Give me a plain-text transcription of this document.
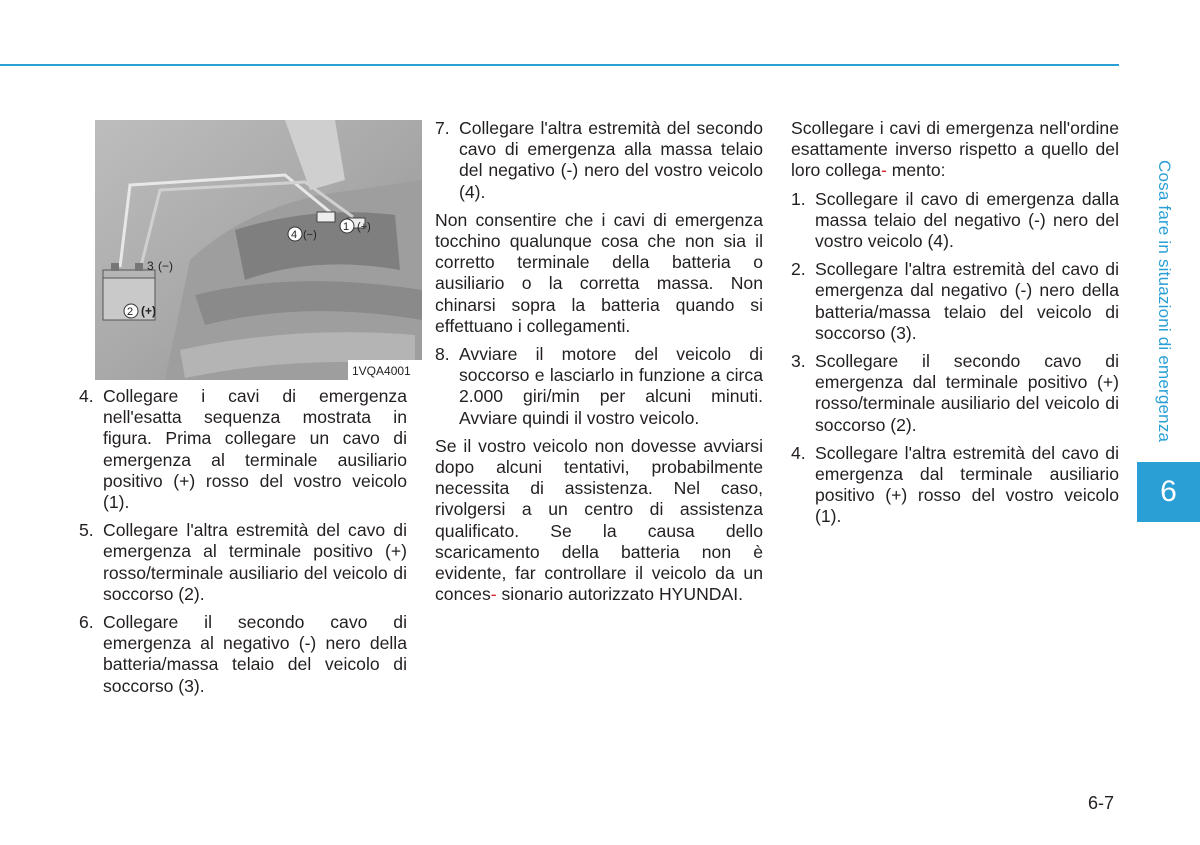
Cosa fare in situazioni di emergenza
6
4 (−)
1 (+)
3 (−)
2 (+)
1VQA4001
4. Collegare i cavi di emergenza nell'esatta sequenza mostrata in figura. Prima collegare un cavo di emergenza al terminale ausiliario positivo (+) rosso del vostro veicolo (1).
5. Collegare l'altra estremità del cavo di emergenza al terminale positivo (+) rosso/terminale ausiliario del veicolo di soccorso (2).
6. Collegare il secondo cavo di emergenza al negativo (-) nero della batteria/massa telaio del veicolo di soccorso (3).
7. Collegare l'altra estremità del secondo cavo di emergenza alla massa telaio del negativo (-) nero del vostro veicolo (4).

Non consentire che i cavi di emergenza tocchino qualunque cosa che non sia il corretto terminale della batteria o ausiliario o la corretta massa. Non chinarsi sopra la batteria quando si effettuano i collegamenti.

8. Avviare il motore del veicolo di soccorso e lasciarlo in funzione a circa 2.000 giri/min per alcuni minuti. Avviare quindi il vostro veicolo.

Se il vostro veicolo non dovesse avviarsi dopo alcuni tentativi, probabilmente necessita di assistenza. Nel caso, rivolgersi a un centro di assistenza qualificato. Se la causa dello scaricamento della batteria non è evidente, far controllare il veicolo da un conces- sionario autorizzato HYUNDAI.

Scollegare i cavi di emergenza nell'ordine esattamente inverso rispetto a quello del loro collega- mento:

1. Scollegare il cavo di emergenza dalla massa telaio del negativo (-) nero del vostro veicolo (4).
2. Scollegare l'altra estremità del cavo di emergenza dal negativo (-) nero della batteria/massa telaio del veicolo di soccorso (3).
3. Scollegare il secondo cavo di emergenza dal terminale positivo (+) rosso/terminale ausiliario del veicolo di soccorso (2).
4. Scollegare l'altra estremità del cavo di emergenza dal terminale ausiliario positivo (+) rosso del vostro veicolo (1).
6-7
